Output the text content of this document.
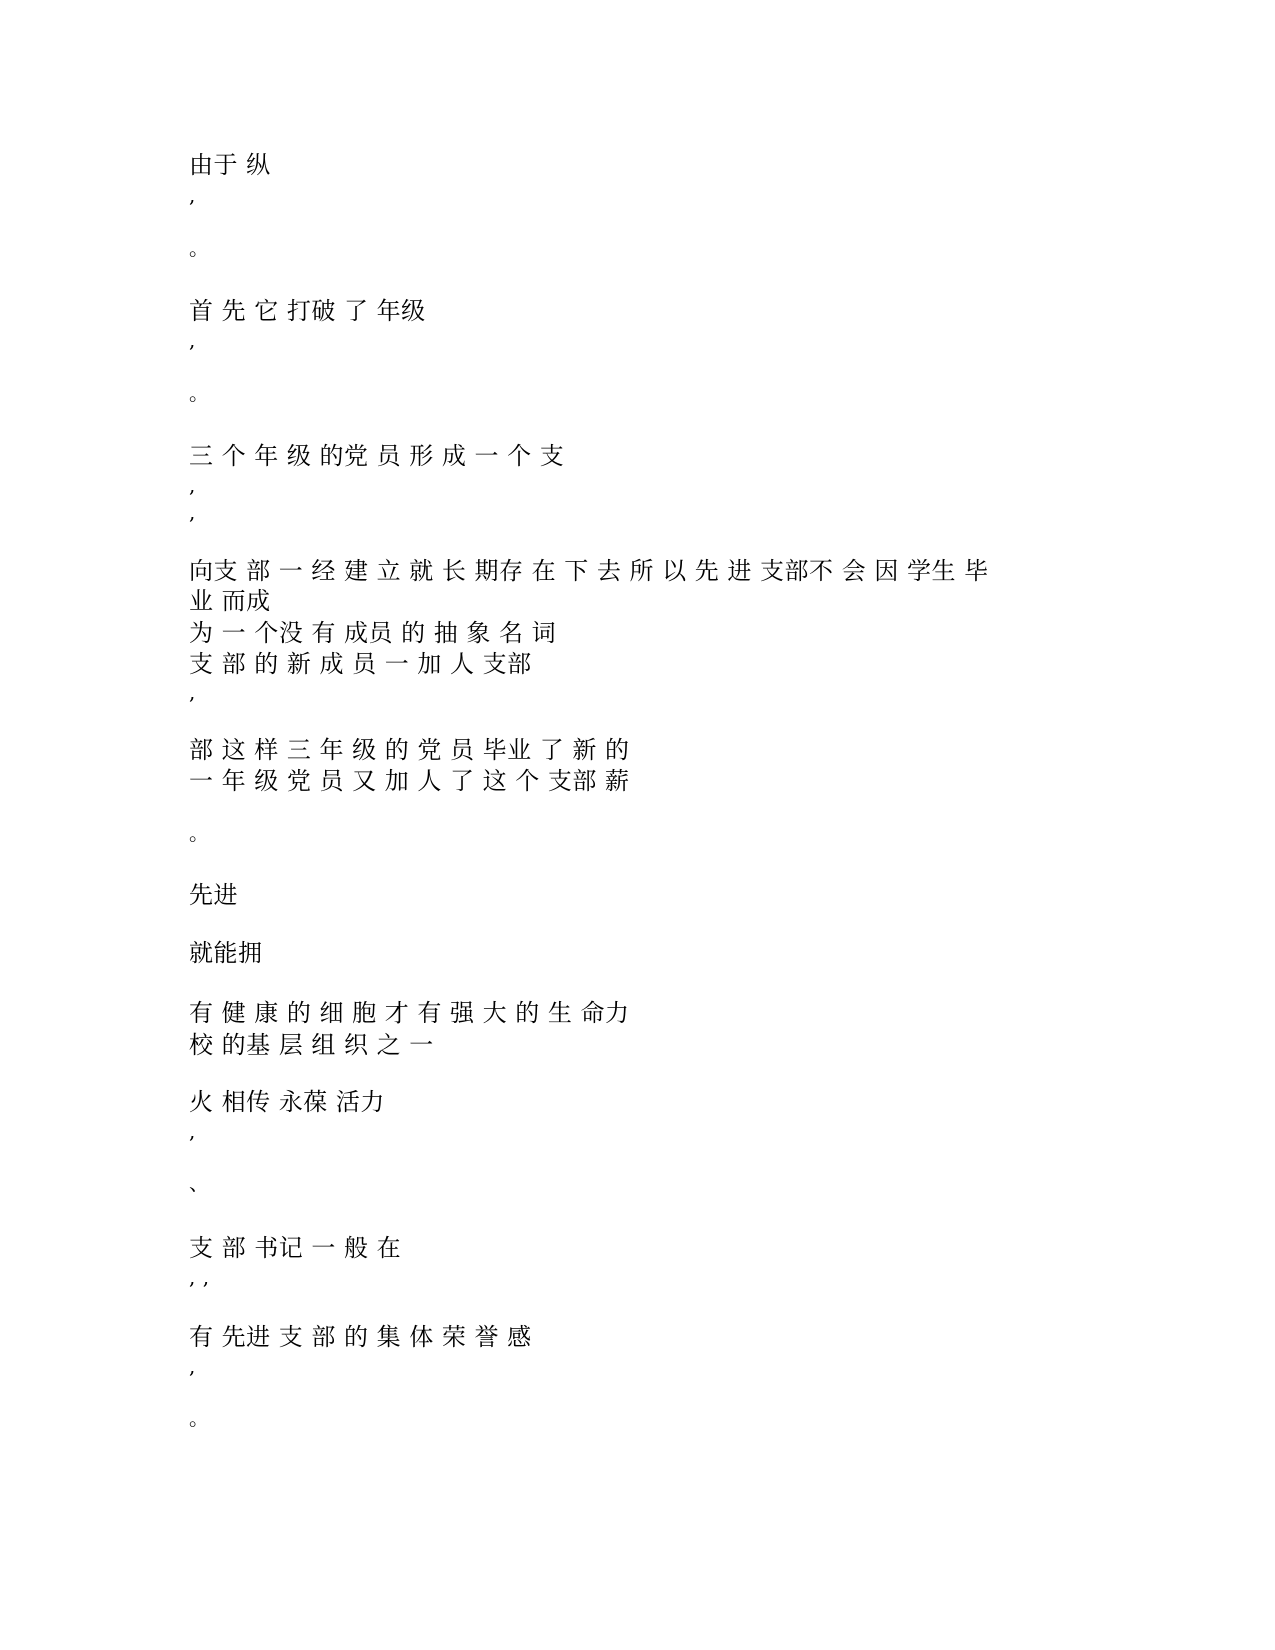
由于 纵

,

。

首 先 它 打破 了 年级

,

。

三 个 年 级 的党 员 形 成 一 个 支

,

,

向支 部 一 经 建 立 就 长 期存 在 下 去 所 以 先 进 支部不 会 因 学生 毕

业 而成

为 一 个没 有 成员 的 抽 象 名 词

支 部 的 新 成 员 一 加 人 支部

,

部 这 样 三 年 级 的 党 员 毕业 了 新 的

一 年 级 党 员 又 加 人 了 这 个 支部 薪

。

先进

就能拥

有 健 康 的 细 胞 才 有 强 大 的 生 命力

校 的基 层 组 织 之 一

火 相传 永葆 活力

,

、

支 部 书记 一 般 在

, ,

有 先进 支 部 的 集 体 荣 誉 感

,

。
